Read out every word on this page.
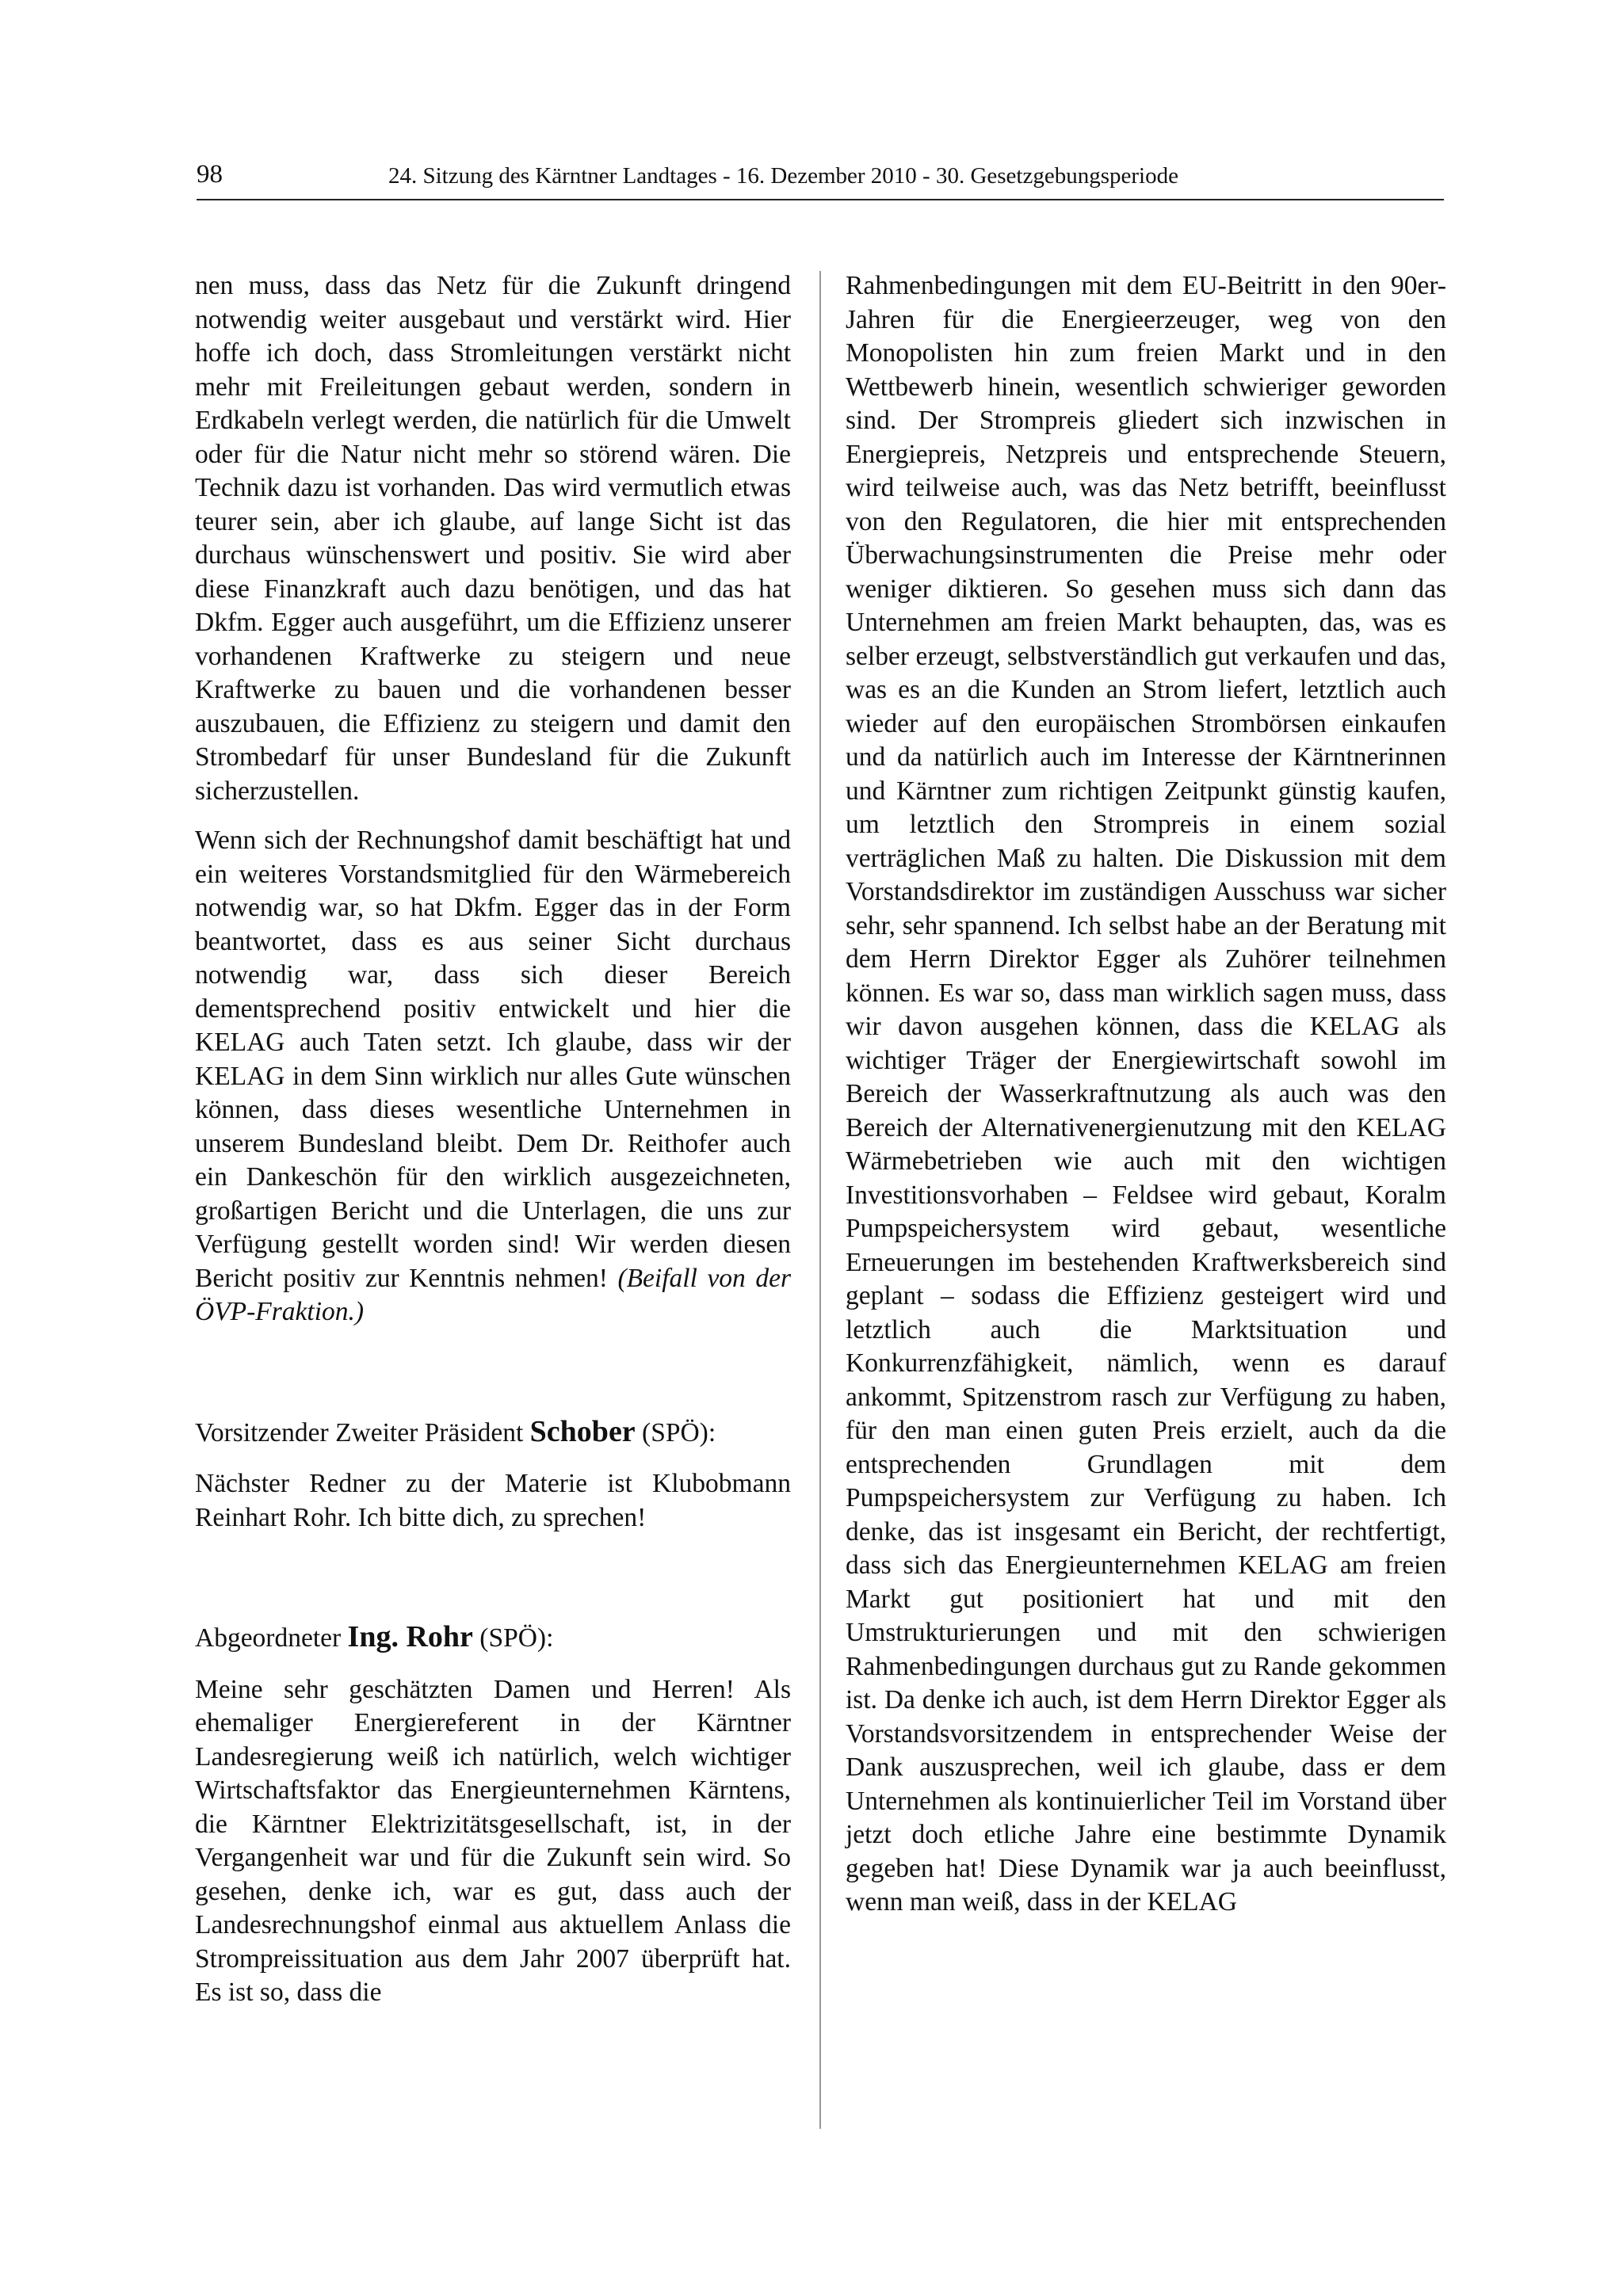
98	24. Sitzung des Kärntner Landtages - 16. Dezember 2010 - 30. Gesetzgebungsperiode

nen muss, dass das Netz für die Zukunft dringend notwendig weiter ausgebaut und verstärkt wird. Hier hoffe ich doch, dass Stromleitungen verstärkt nicht mehr mit Freileitungen gebaut werden, sondern in Erdkabeln verlegt werden, die natürlich für die Umwelt oder für die Natur nicht mehr so störend wären. Die Technik dazu ist vorhanden. Das wird vermutlich etwas teurer sein, aber ich glaube, auf lange Sicht ist das durchaus wünschenswert und positiv. Sie wird aber diese Finanzkraft auch dazu benötigen, und das hat Dkfm. Egger auch ausgeführt, um die Effizienz unserer vorhandenen Kraftwerke zu steigern und neue Kraftwerke zu bauen und die vorhandenen besser auszubauen, die Effizienz zu steigern und damit den Strombedarf für unser Bundesland für die Zukunft sicherzustellen.

Wenn sich der Rechnungshof damit beschäftigt hat und ein weiteres Vorstandsmitglied für den Wärmebereich notwendig war, so hat Dkfm. Egger das in der Form beantwortet, dass es aus seiner Sicht durchaus notwendig war, dass sich dieser Bereich dementsprechend positiv entwickelt und hier die KELAG auch Taten setzt. Ich glaube, dass wir der KELAG in dem Sinn wirklich nur alles Gute wünschen können, dass dieses wesentliche Unternehmen in unserem Bundesland bleibt. Dem Dr. Reithofer auch ein Dankeschön für den wirklich ausgezeichneten, großartigen Bericht und die Unterlagen, die uns zur Verfügung gestellt worden sind! Wir werden diesen Bericht positiv zur Kenntnis nehmen! (Beifall von der ÖVP-Fraktion.)

Vorsitzender Zweiter Präsident Schober (SPÖ):

Nächster Redner zu der Materie ist Klubobmann Reinhart Rohr. Ich bitte dich, zu sprechen!

Abgeordneter Ing. Rohr (SPÖ):

Meine sehr geschätzten Damen und Herren! Als ehemaliger Energiereferent in der Kärntner Landesregierung weiß ich natürlich, welch wichtiger Wirtschaftsfaktor das Energieunternehmen Kärntens, die Kärntner Elektrizitätsgesellschaft, ist, in der Vergangenheit war und für die Zukunft sein wird. So gesehen, denke ich, war es gut, dass auch der Landesrechnungshof einmal aus aktuellem Anlass die Strompreissituation aus dem Jahr 2007 überprüft hat. Es ist so, dass die

Rahmenbedingungen mit dem EU-Beitritt in den 90er-Jahren für die Energieerzeuger, weg von den Monopolisten hin zum freien Markt und in den Wettbewerb hinein, wesentlich schwieriger geworden sind. Der Strompreis gliedert sich inzwischen in Energiepreis, Netzpreis und entsprechende Steuern, wird teilweise auch, was das Netz betrifft, beeinflusst von den Regulatoren, die hier mit entsprechenden Überwachungsinstrumenten die Preise mehr oder weniger diktieren. So gesehen muss sich dann das Unternehmen am freien Markt behaupten, das, was es selber erzeugt, selbstverständlich gut verkaufen und das, was es an die Kunden an Strom liefert, letztlich auch wieder auf den europäischen Strombörsen einkaufen und da natürlich auch im Interesse der Kärntnerinnen und Kärntner zum richtigen Zeitpunkt günstig kaufen, um letztlich den Strompreis in einem sozial verträglichen Maß zu halten. Die Diskussion mit dem Vorstandsdirektor im zuständigen Ausschuss war sicher sehr, sehr spannend. Ich selbst habe an der Beratung mit dem Herrn Direktor Egger als Zuhörer teilnehmen können. Es war so, dass man wirklich sagen muss, dass wir davon ausgehen können, dass die KELAG als wichtiger Träger der Energiewirtschaft sowohl im Bereich der Wasserkraftnutzung als auch was den Bereich der Alternativenergienutzung mit den KELAG Wärmebetrieben wie auch mit den wichtigen Investitionsvorhaben – Feldsee wird gebaut, Koralm Pumpspeichersystem wird gebaut, wesentliche Erneuerungen im bestehenden Kraftwerksbereich sind geplant – sodass die Effizienz gesteigert wird und letztlich auch die Marktsituation und Konkurrenzfähigkeit, nämlich, wenn es darauf ankommt, Spitzenstrom rasch zur Verfügung zu haben, für den man einen guten Preis erzielt, auch da die entsprechenden Grundlagen mit dem Pumpspeichersystem zur Verfügung zu haben. Ich denke, das ist insgesamt ein Bericht, der rechtfertigt, dass sich das Energieunternehmen KELAG am freien Markt gut positioniert hat und mit den Umstrukturierungen und mit den schwierigen Rahmenbedingungen durchaus gut zu Rande gekommen ist. Da denke ich auch, ist dem Herrn Direktor Egger als Vorstandsvorsitzendem in entsprechender Weise der Dank auszusprechen, weil ich glaube, dass er dem Unternehmen als kontinuierlicher Teil im Vorstand über jetzt doch etliche Jahre eine bestimmte Dynamik gegeben hat! Diese Dynamik war ja auch beeinflusst, wenn man weiß, dass in der KELAG
